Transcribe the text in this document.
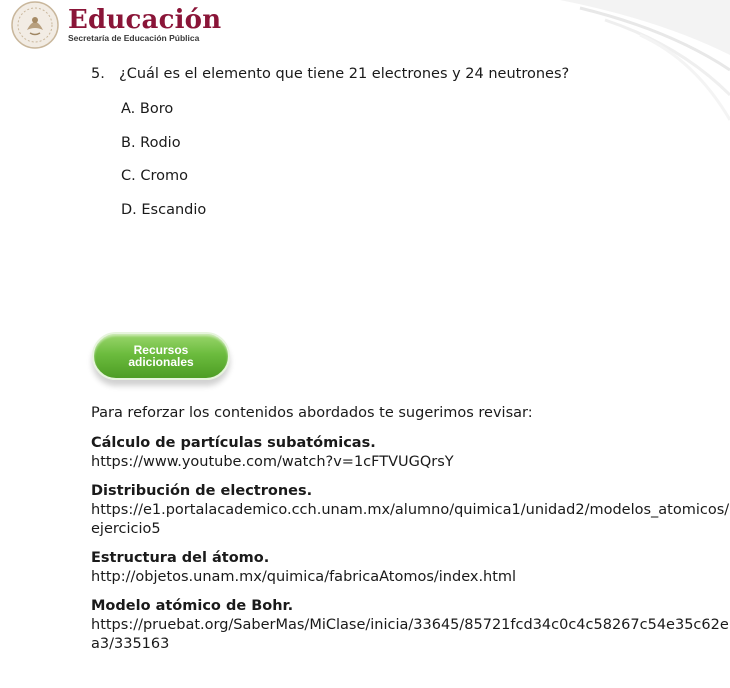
Educación
Secretaría de Educación Pública
5. ¿Cuál es el elemento que tiene 21 electrones y 24 neutrones?
A. Boro
B. Rodio
C. Cromo
D. Escandio
Recursos
adicionales

Para reforzar los contenidos abordados te sugerimos revisar:

Cálculo de partículas subatómicas.

https://www.youtube.com/watch?v=1cFTVUGQrsY

Distribución de electrones.

https://e1.portalacademico.cch.unam.mx/alumno/quimica1/unidad2/modelos_atomicos/ejercicio5

Estructura del átomo.

http://objetos.unam.mx/quimica/fabricaAtomos/index.html

Modelo atómico de Bohr.

https://pruebat.org/SaberMas/MiClase/inicia/33645/85721fcd34c0c4c58267c54e35c62ea3/335163
